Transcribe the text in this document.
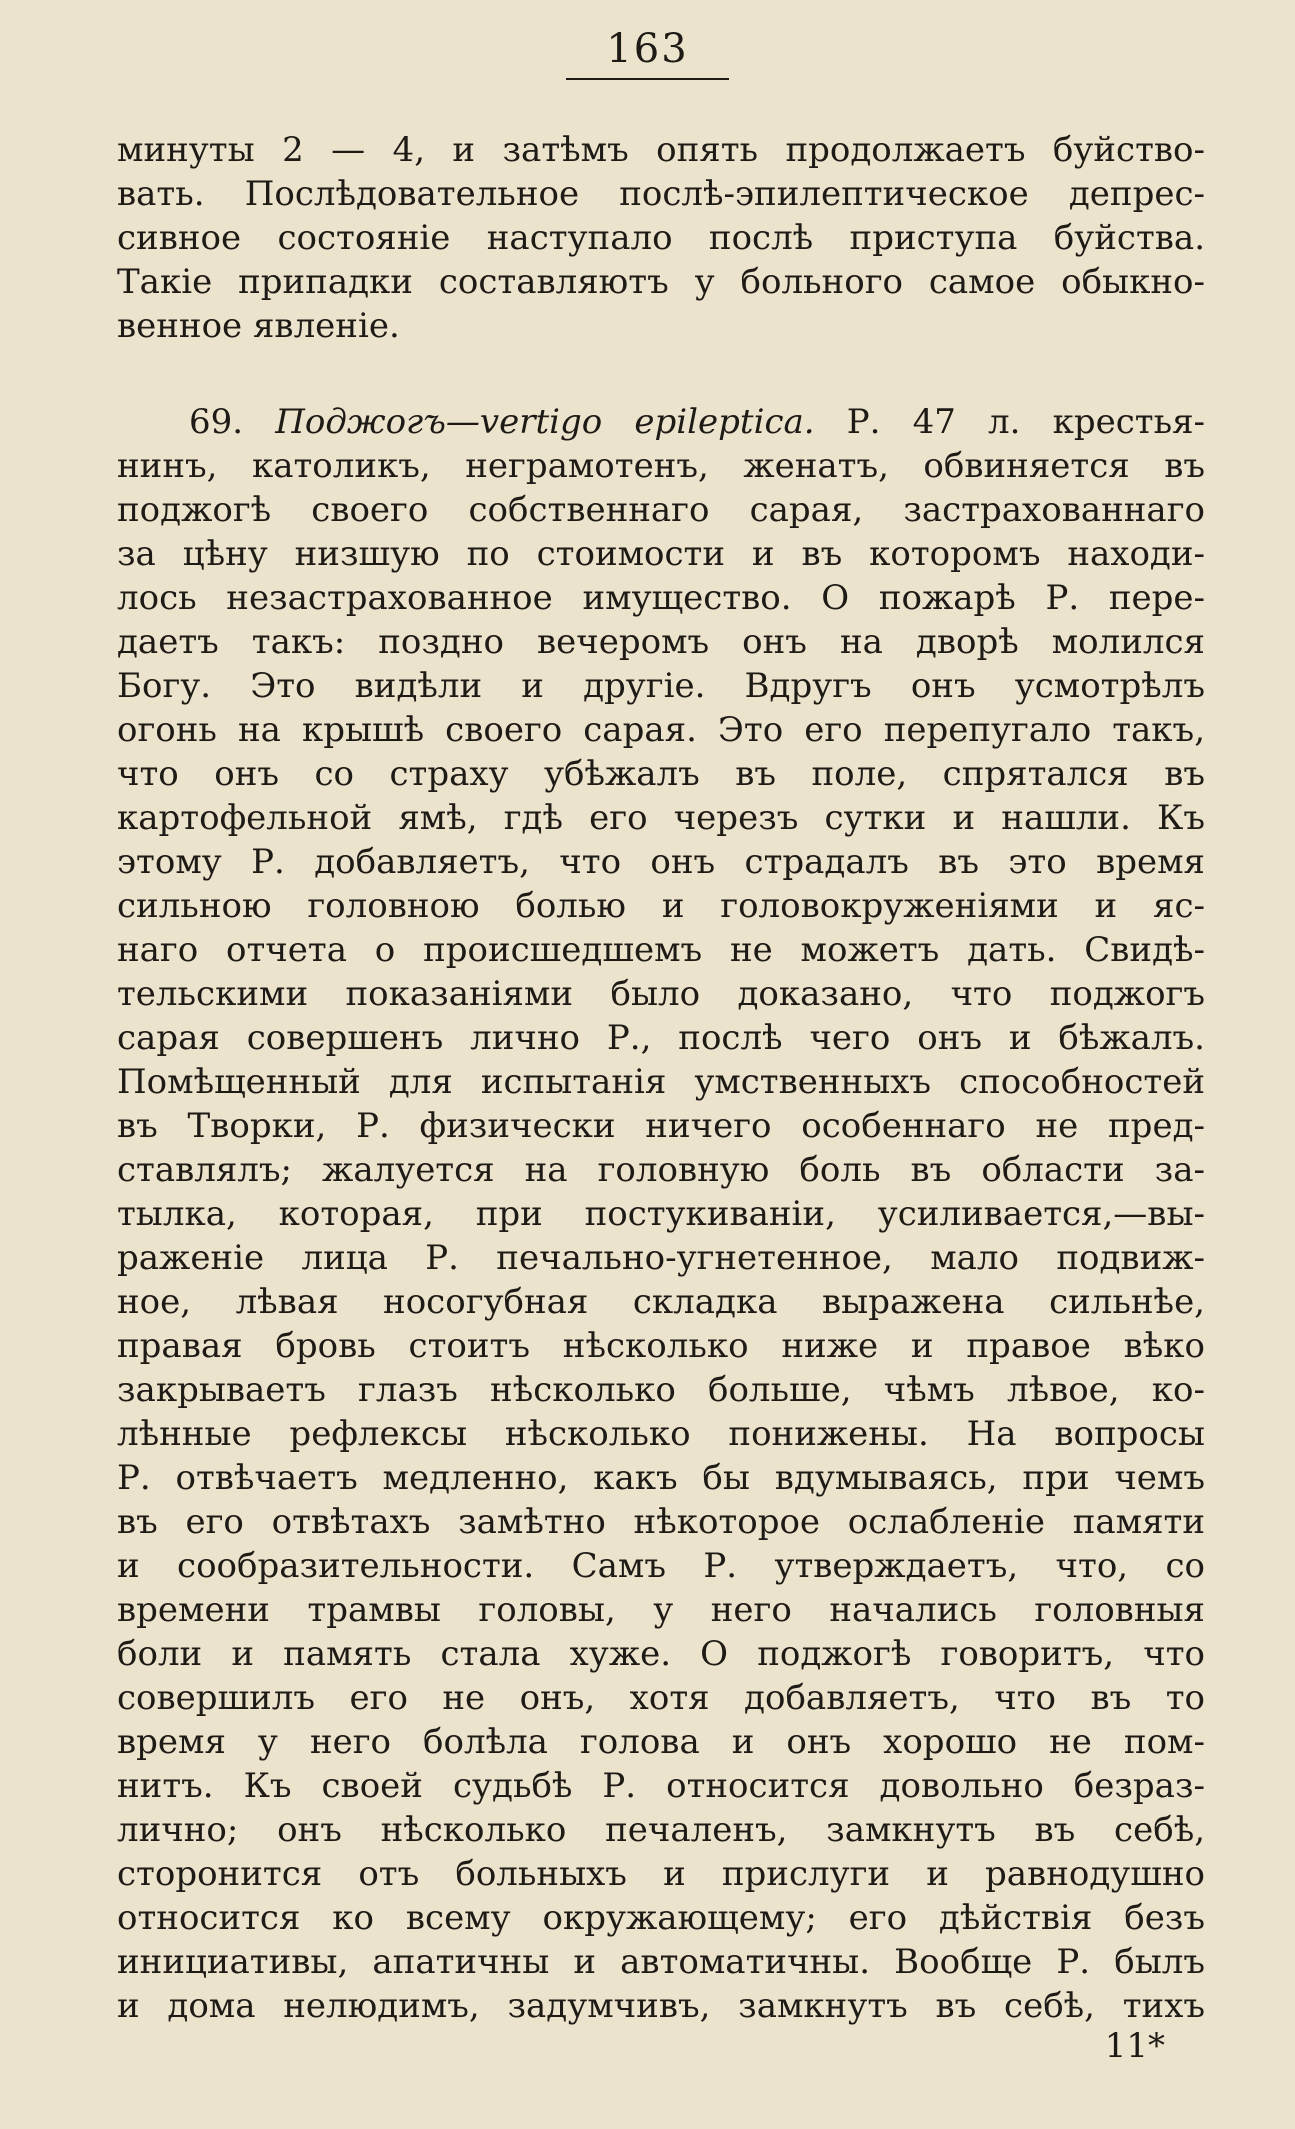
163
минуты 2 — 4, и затѣмъ опять продолжаетъ буйство-
вать. Послѣдовательное послѣ-эпилептическое депрес-
сивное состояніе наступало послѣ приступа буйства.
Такіе припадки составляютъ у больного самое обыкно-
венное явленіе.
69. Поджогъ—vertigo epileptica. Р. 47 л. крестья-
нинъ, католикъ, неграмотенъ, женатъ, обвиняется въ
поджогѣ своего собственнаго сарая, застрахованнаго
за цѣну низшую по стоимости и въ которомъ находи-
лось незастрахованное имущество. О пожарѣ Р. пере-
даетъ такъ: поздно вечеромъ онъ на дворѣ молился
Богу. Это видѣли и другіе. Вдругъ онъ усмотрѣлъ
огонь на крышѣ своего сарая. Это его перепугало такъ,
что онъ со страху убѣжалъ въ поле, спрятался въ
картофельной ямѣ, гдѣ его черезъ сутки и нашли. Къ
этому Р. добавляетъ, что онъ страдалъ въ это время
сильною головною болью и головокруженіями и яс-
наго отчета о происшедшемъ не можетъ дать. Свидѣ-
тельскими показаніями было доказано, что поджогъ
сарая совершенъ лично Р., послѣ чего онъ и бѣжалъ.
Помѣщенный для испытанія умственныхъ способностей
въ Творки, Р. физически ничего особеннаго не пред-
ставлялъ; жалуется на головную боль въ области за-
тылка, которая, при постукиваніи, усиливается,—вы-
раженіе лица Р. печально-угнетенное, мало подвиж-
ное, лѣвая носогубная складка выражена сильнѣе,
правая бровь стоитъ нѣсколько ниже и правое вѣко
закрываетъ глазъ нѣсколько больше, чѣмъ лѣвое, ко-
лѣнные рефлексы нѣсколько понижены. На вопросы
Р. отвѣчаетъ медленно, какъ бы вдумываясь, при чемъ
въ его отвѣтахъ замѣтно нѣкоторое ослабленіе памяти
и сообразительности. Самъ Р. утверждаетъ, что, со
времени трамвы головы, у него начались головныя
боли и память стала хуже. О поджогѣ говоритъ, что
совершилъ его не онъ, хотя добавляетъ, что въ то
время у него болѣла голова и онъ хорошо не пом-
нитъ. Къ своей судьбѣ Р. относится довольно безраз-
лично; онъ нѣсколько печаленъ, замкнутъ въ себѣ,
сторонится отъ больныхъ и прислуги и равнодушно
относится ко всему окружающему; его дѣйствія безъ
инициативы, апатичны и автоматичны. Вообще Р. былъ
и дома нелюдимъ, задумчивъ, замкнутъ въ себѣ, тихъ
11*
